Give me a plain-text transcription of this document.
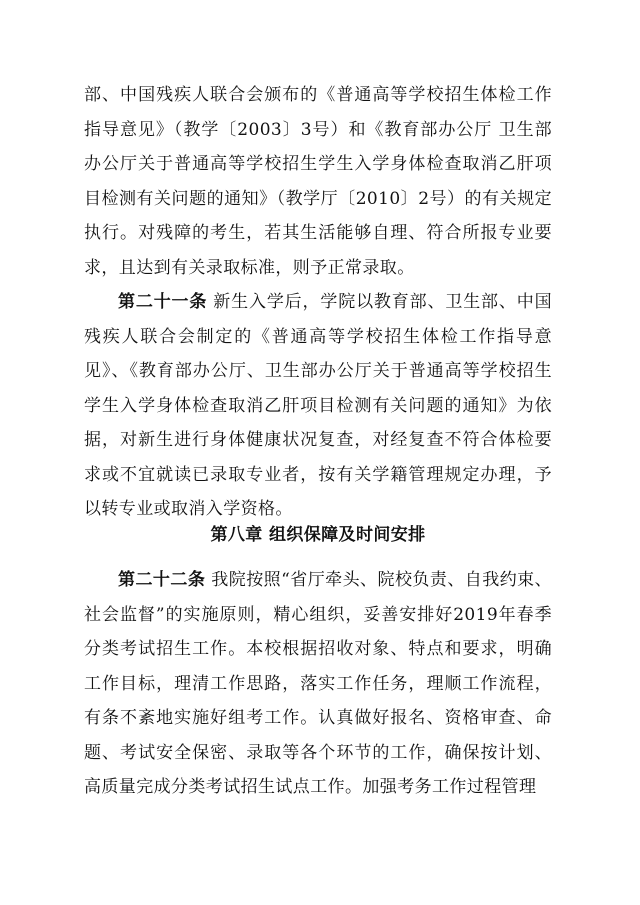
部、中国残疾人联合会颁布的《普通高等学校招生体检工作指导意见》（教学〔2003〕3号）和《教育部办公厅 卫生部办公厅关于普通高等学校招生学生入学身体检查取消乙肝项目检测有关问题的通知》（教学厅〔2010〕2号）的有关规定执行。对残障的考生，若其生活能够自理、符合所报专业要求，且达到有关录取标准，则予正常录取。

第二十一条 新生入学后，学院以教育部、卫生部、中国残疾人联合会制定的《普通高等学校招生体检工作指导意见》、《教育部办公厅、卫生部办公厅关于普通高等学校招生学生入学身体检查取消乙肝项目检测有关问题的通知》为依据，对新生进行身体健康状况复查，对经复查不符合体检要求或不宜就读已录取专业者，按有关学籍管理规定办理，予以转专业或取消入学资格。

第八章 组织保障及时间安排

第二十二条 我院按照“省厅牵头、院校负责、自我约束、社会监督”的实施原则，精心组织，妥善安排好2019年春季分类考试招生工作。本校根据招收对象、特点和要求，明确工作目标，理清工作思路，落实工作任务，理顺工作流程，有条不紊地实施好组考工作。认真做好报名、资格审查、命题、考试安全保密、录取等各个环节的工作，确保按计划、高质量完成分类考试招生试点工作。加强考务工作过程管理
